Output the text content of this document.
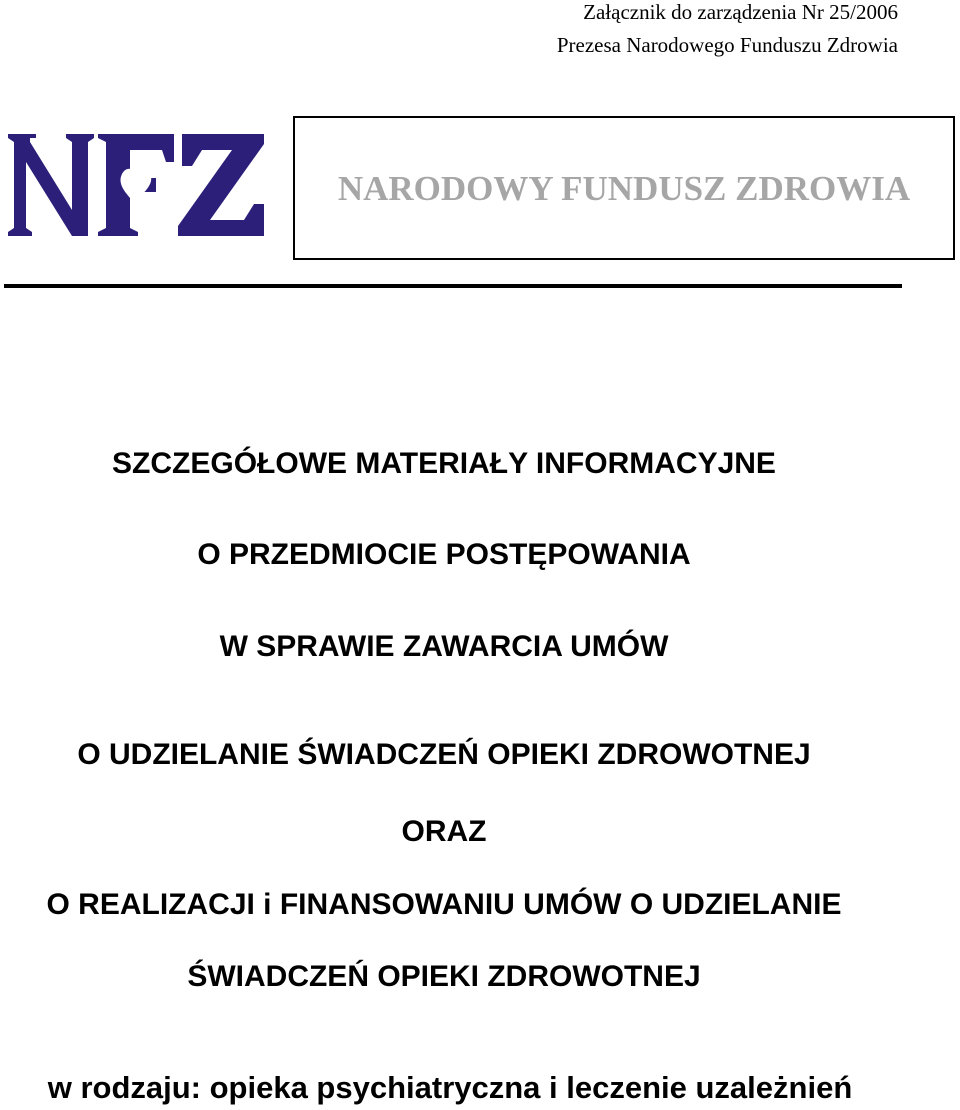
Załącznik do zarządzenia Nr 25/2006
Prezesa Narodowego Funduszu Zdrowia
NARODOWY FUNDUSZ ZDROWIA
SZCZEGÓŁOWE MATERIAŁY INFORMACYJNE
O PRZEDMIOCIE POSTĘPOWANIA
W SPRAWIE ZAWARCIA UMÓW
O UDZIELANIE ŚWIADCZEŃ OPIEKI ZDROWOTNEJ
ORAZ
O REALIZACJI i FINANSOWANIU UMÓW O UDZIELANIE
ŚWIADCZEŃ OPIEKI ZDROWOTNEJ
w rodzaju: opieka psychiatryczna i leczenie uzależnień
